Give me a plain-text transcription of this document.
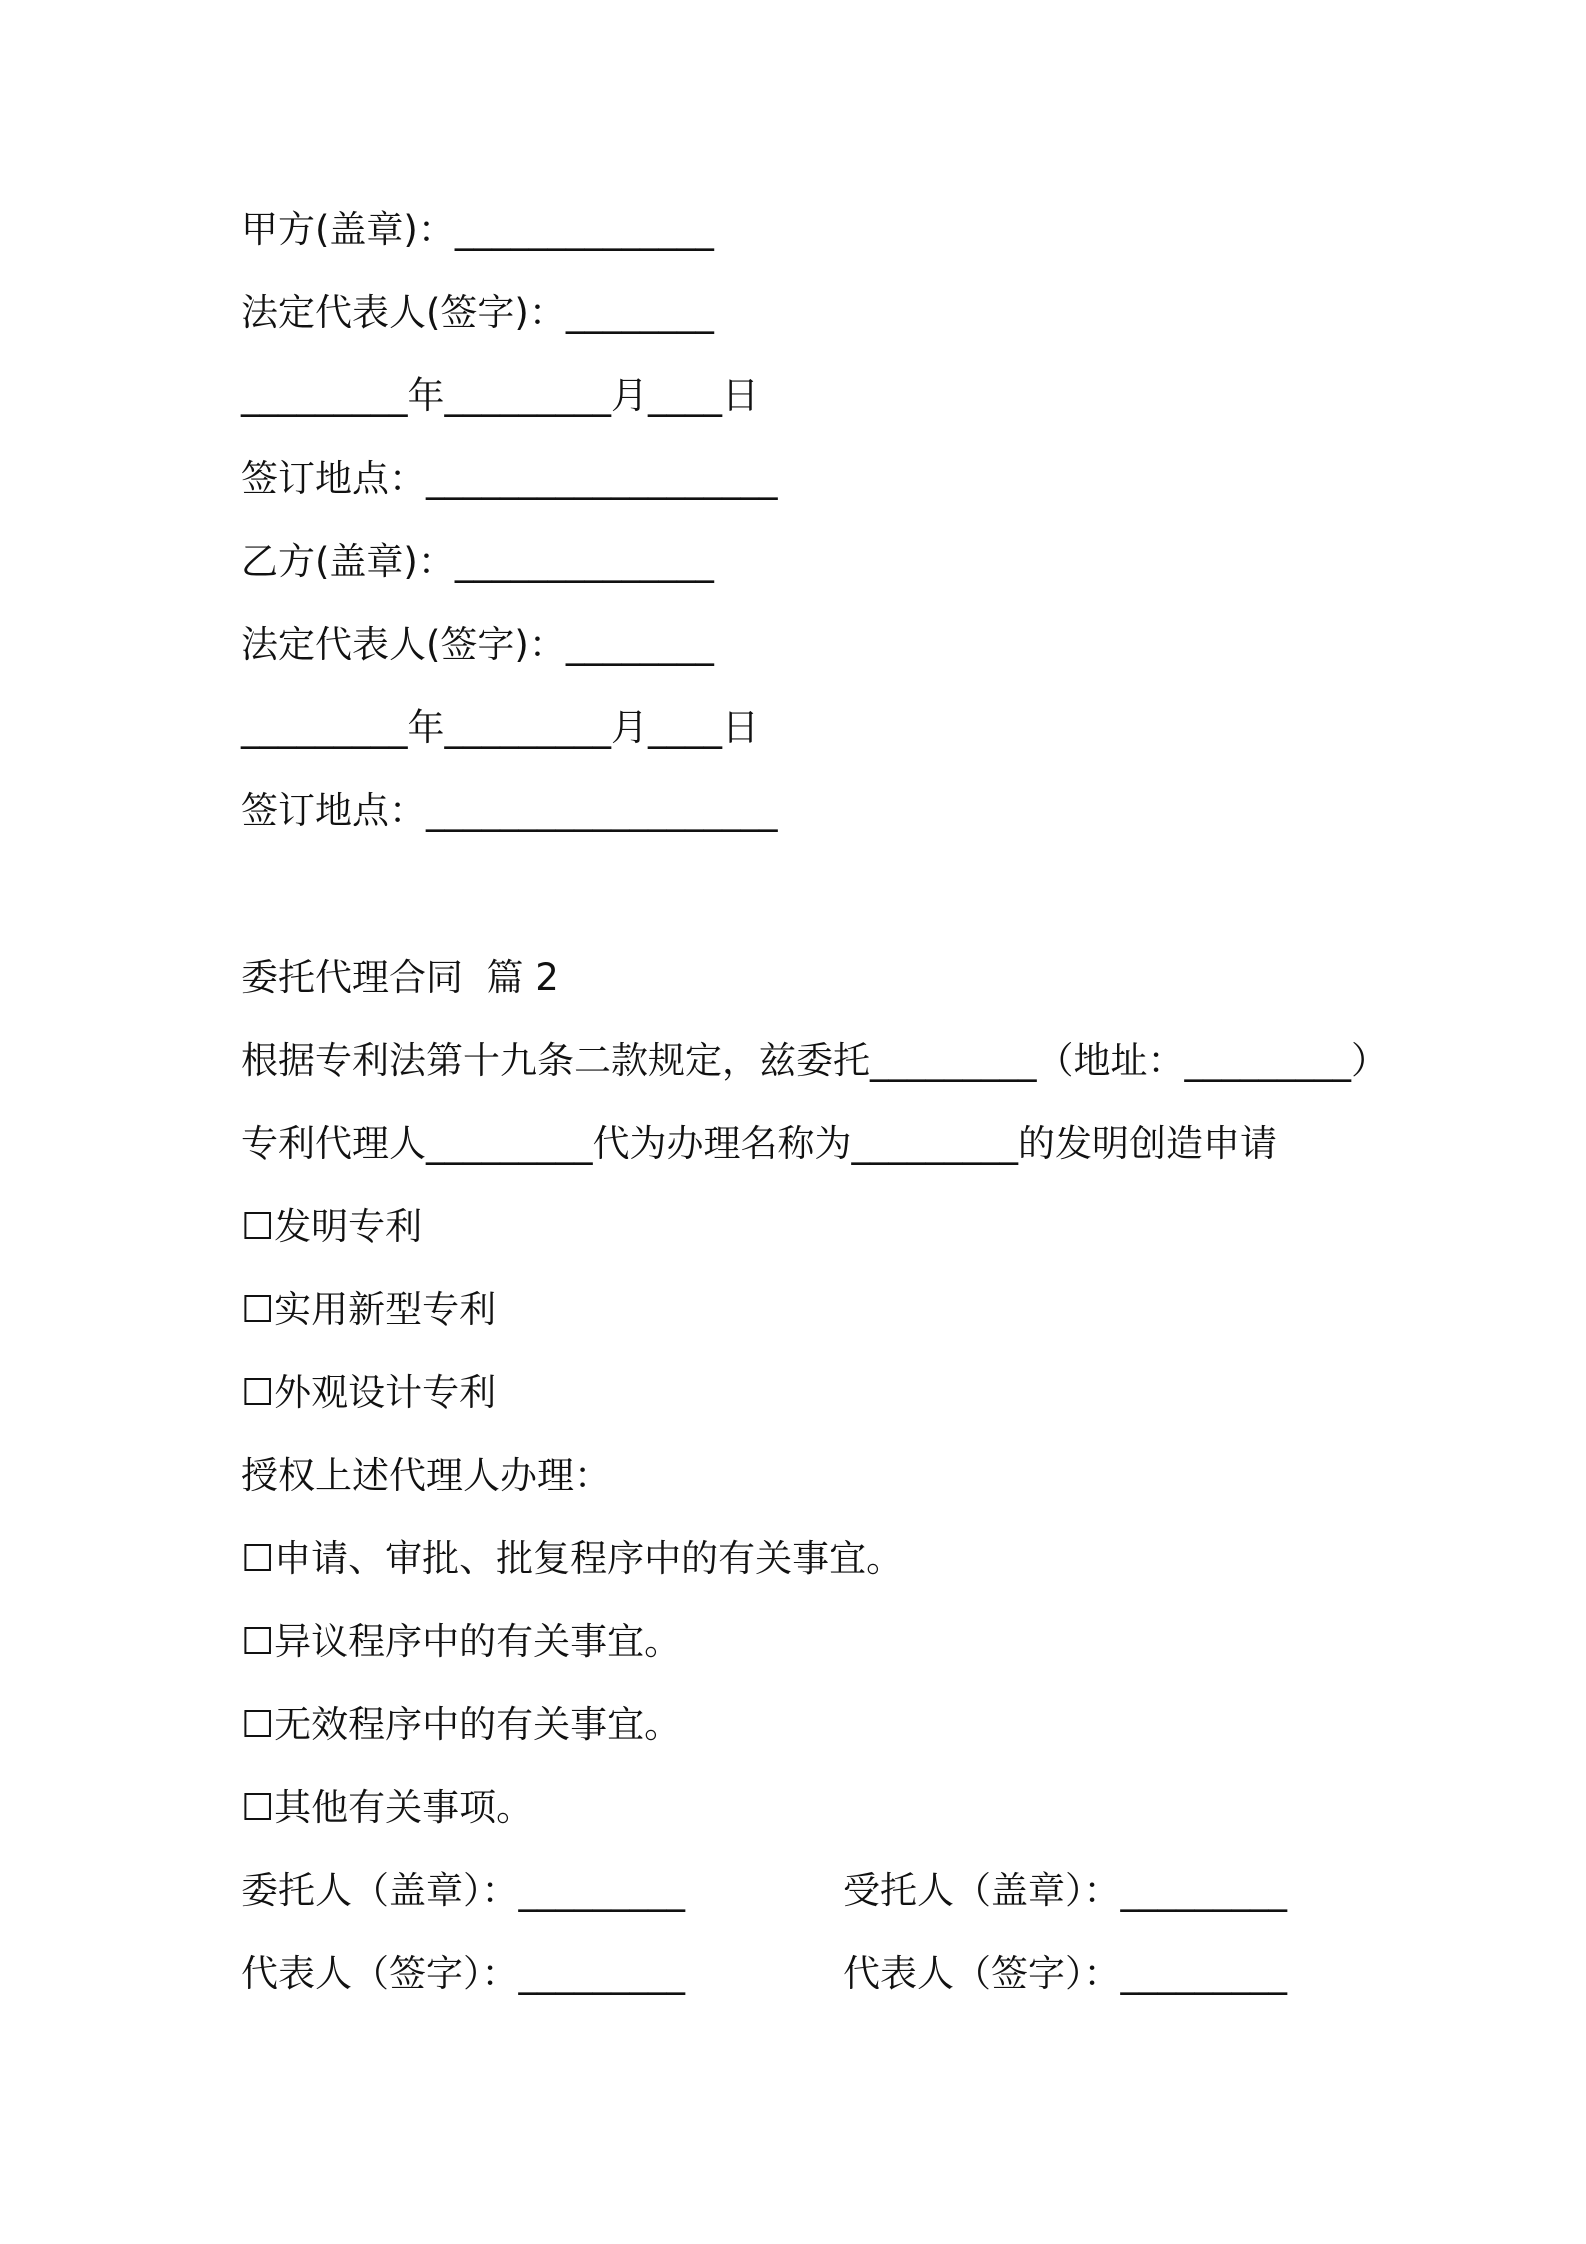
甲方(盖章)：______________
法定代表人(签字)：________
_________年_________月____日
签订地点：___________________
乙方(盖章)：______________
法定代表人(签字)：________
_________年_________月____日
签订地点：___________________
委托代理合同  篇 2
根据专利法第十九条二款规定，兹委托_________（地址：_________）
专利代理人_________代为办理名称为_________的发明创造申请
☐发明专利
☐实用新型专利
☐外观设计专利
授权上述代理人办理：
☐申请、审批、批复程序中的有关事宜。
☐异议程序中的有关事宜。
☐无效程序中的有关事宜。
☐其他有关事项。
委托人（盖章）：_________	受托人（盖章）：_________
代表人（签字）：_________	代表人（签字）：_________
